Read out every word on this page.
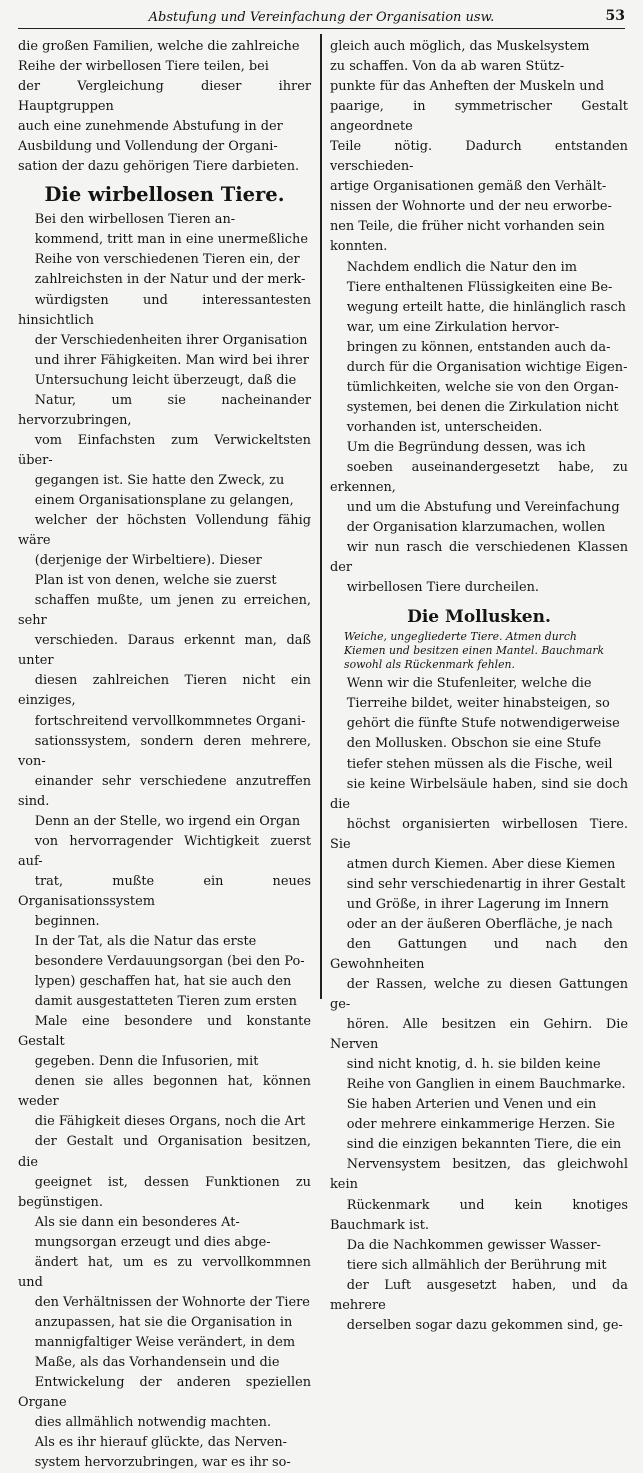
Abstufung und Vereinfachung der Organisation usw.	53

die großen Familien, welche die zahlreiche
Reihe der wirbellosen Tiere teilen, bei
der Vergleichung dieser ihrer Hauptgruppen
auch eine zunehmende Abstufung in der
Ausbildung und Vollendung der Organi-
sation der dazu gehörigen Tiere darbieten.

Die wirbellosen Tiere.

Bei den wirbellosen Tieren an-
kommend, tritt man in eine unermeßliche
Reihe von verschiedenen Tieren ein, der
zahlreichsten in der Natur und der merk-
würdigsten und interessantesten hinsichtlich
der Verschiedenheiten ihrer Organisation
und ihrer Fähigkeiten. Man wird bei ihrer
Untersuchung leicht überzeugt, daß die
Natur, um sie nacheinander hervorzubringen,
vom Einfachsten zum Verwickeltsten über-
gegangen ist. Sie hatte den Zweck, zu
einem Organisationsplane zu gelangen,
welcher der höchsten Vollendung fähig wäre
(derjenige der Wirbeltiere). Dieser
Plan ist von denen, welche sie zuerst
schaffen mußte, um jenen zu erreichen, sehr
verschieden. Daraus erkennt man, daß unter
diesen zahlreichen Tieren nicht ein einziges,
fortschreitend vervollkommnetes Organi-
sationssystem, sondern deren mehrere, von-
einander sehr verschiedene anzutreffen sind.
Denn an der Stelle, wo irgend ein Organ
von hervorragender Wichtigkeit zuerst auf-
trat, mußte ein neues Organisationssystem
beginnen.

In der Tat, als die Natur das erste
besondere Verdauungsorgan (bei den Po-
lypen) geschaffen hat, hat sie auch den
damit ausgestatteten Tieren zum ersten
Male eine besondere und konstante Gestalt
gegeben. Denn die Infusorien, mit
denen sie alles begonnen hat, können weder
die Fähigkeit dieses Organs, noch die Art
der Gestalt und Organisation besitzen, die
geeignet ist, dessen Funktionen zu begünstigen.

Als sie dann ein besonderes At-
mungsorgan erzeugt und dies abge-
ändert hat, um es zu vervollkommnen und
den Verhältnissen der Wohnorte der Tiere
anzupassen, hat sie die Organisation in
mannigfaltiger Weise verändert, in dem
Maße, als das Vorhandensein und die
Entwickelung der anderen speziellen Organe
dies allmählich notwendig machten.

Als es ihr hierauf glückte, das Nerven-
system hervorzubringen, war es ihr so-

gleich auch möglich, das Muskelsystem
zu schaffen. Von da ab waren Stütz-
punkte für das Anheften der Muskeln und
paarige, in symmetrischer Gestalt angeordnete
Teile nötig. Dadurch entstanden verschieden-
artige Organisationen gemäß den Verhält-
nissen der Wohnorte und der neu erworbe-
nen Teile, die früher nicht vorhanden sein
konnten.

Nachdem endlich die Natur den im
Tiere enthaltenen Flüssigkeiten eine Be-
wegung erteilt hatte, die hinlänglich rasch
war, um eine Zirkulation hervor-
bringen zu können, entstanden auch da-
durch für die Organisation wichtige Eigen-
tümlichkeiten, welche sie von den Organ-
systemen, bei denen die Zirkulation nicht
vorhanden ist, unterscheiden.

Um die Begründung dessen, was ich
soeben auseinandergesetzt habe, zu erkennen,
und um die Abstufung und Vereinfachung
der Organisation klarzumachen, wollen
wir nun rasch die verschiedenen Klassen der
wirbellosen Tiere durcheilen.

Die Mollusken.

Weiche, ungegliederte Tiere. Atmen durch
Kiemen und besitzen einen Mantel. Bauchmark
sowohl als Rückenmark fehlen.

Wenn wir die Stufenleiter, welche die
Tierreihe bildet, weiter hinabsteigen, so
gehört die fünfte Stufe notwendigerweise
den Mollusken. Obschon sie eine Stufe
tiefer stehen müssen als die Fische, weil
sie keine Wirbelsäule haben, sind sie doch die
höchst organisierten wirbellosen Tiere. Sie
atmen durch Kiemen. Aber diese Kiemen
sind sehr verschiedenartig in ihrer Gestalt
und Größe, in ihrer Lagerung im Innern
oder an der äußeren Oberfläche, je nach
den Gattungen und nach den Gewohnheiten
der Rassen, welche zu diesen Gattungen ge-
hören. Alle besitzen ein Gehirn. Die Nerven
sind nicht knotig, d. h. sie bilden keine
Reihe von Ganglien in einem Bauchmarke.
Sie haben Arterien und Venen und ein
oder mehrere einkammerige Herzen. Sie
sind die einzigen bekannten Tiere, die ein
Nervensystem besitzen, das gleichwohl kein
Rückenmark und kein knotiges Bauchmark ist.

Da die Nachkommen gewisser Wasser-
tiere sich allmählich der Berührung mit
der Luft ausgesetzt haben, und da mehrere
derselben sogar dazu gekommen sind, ge-
